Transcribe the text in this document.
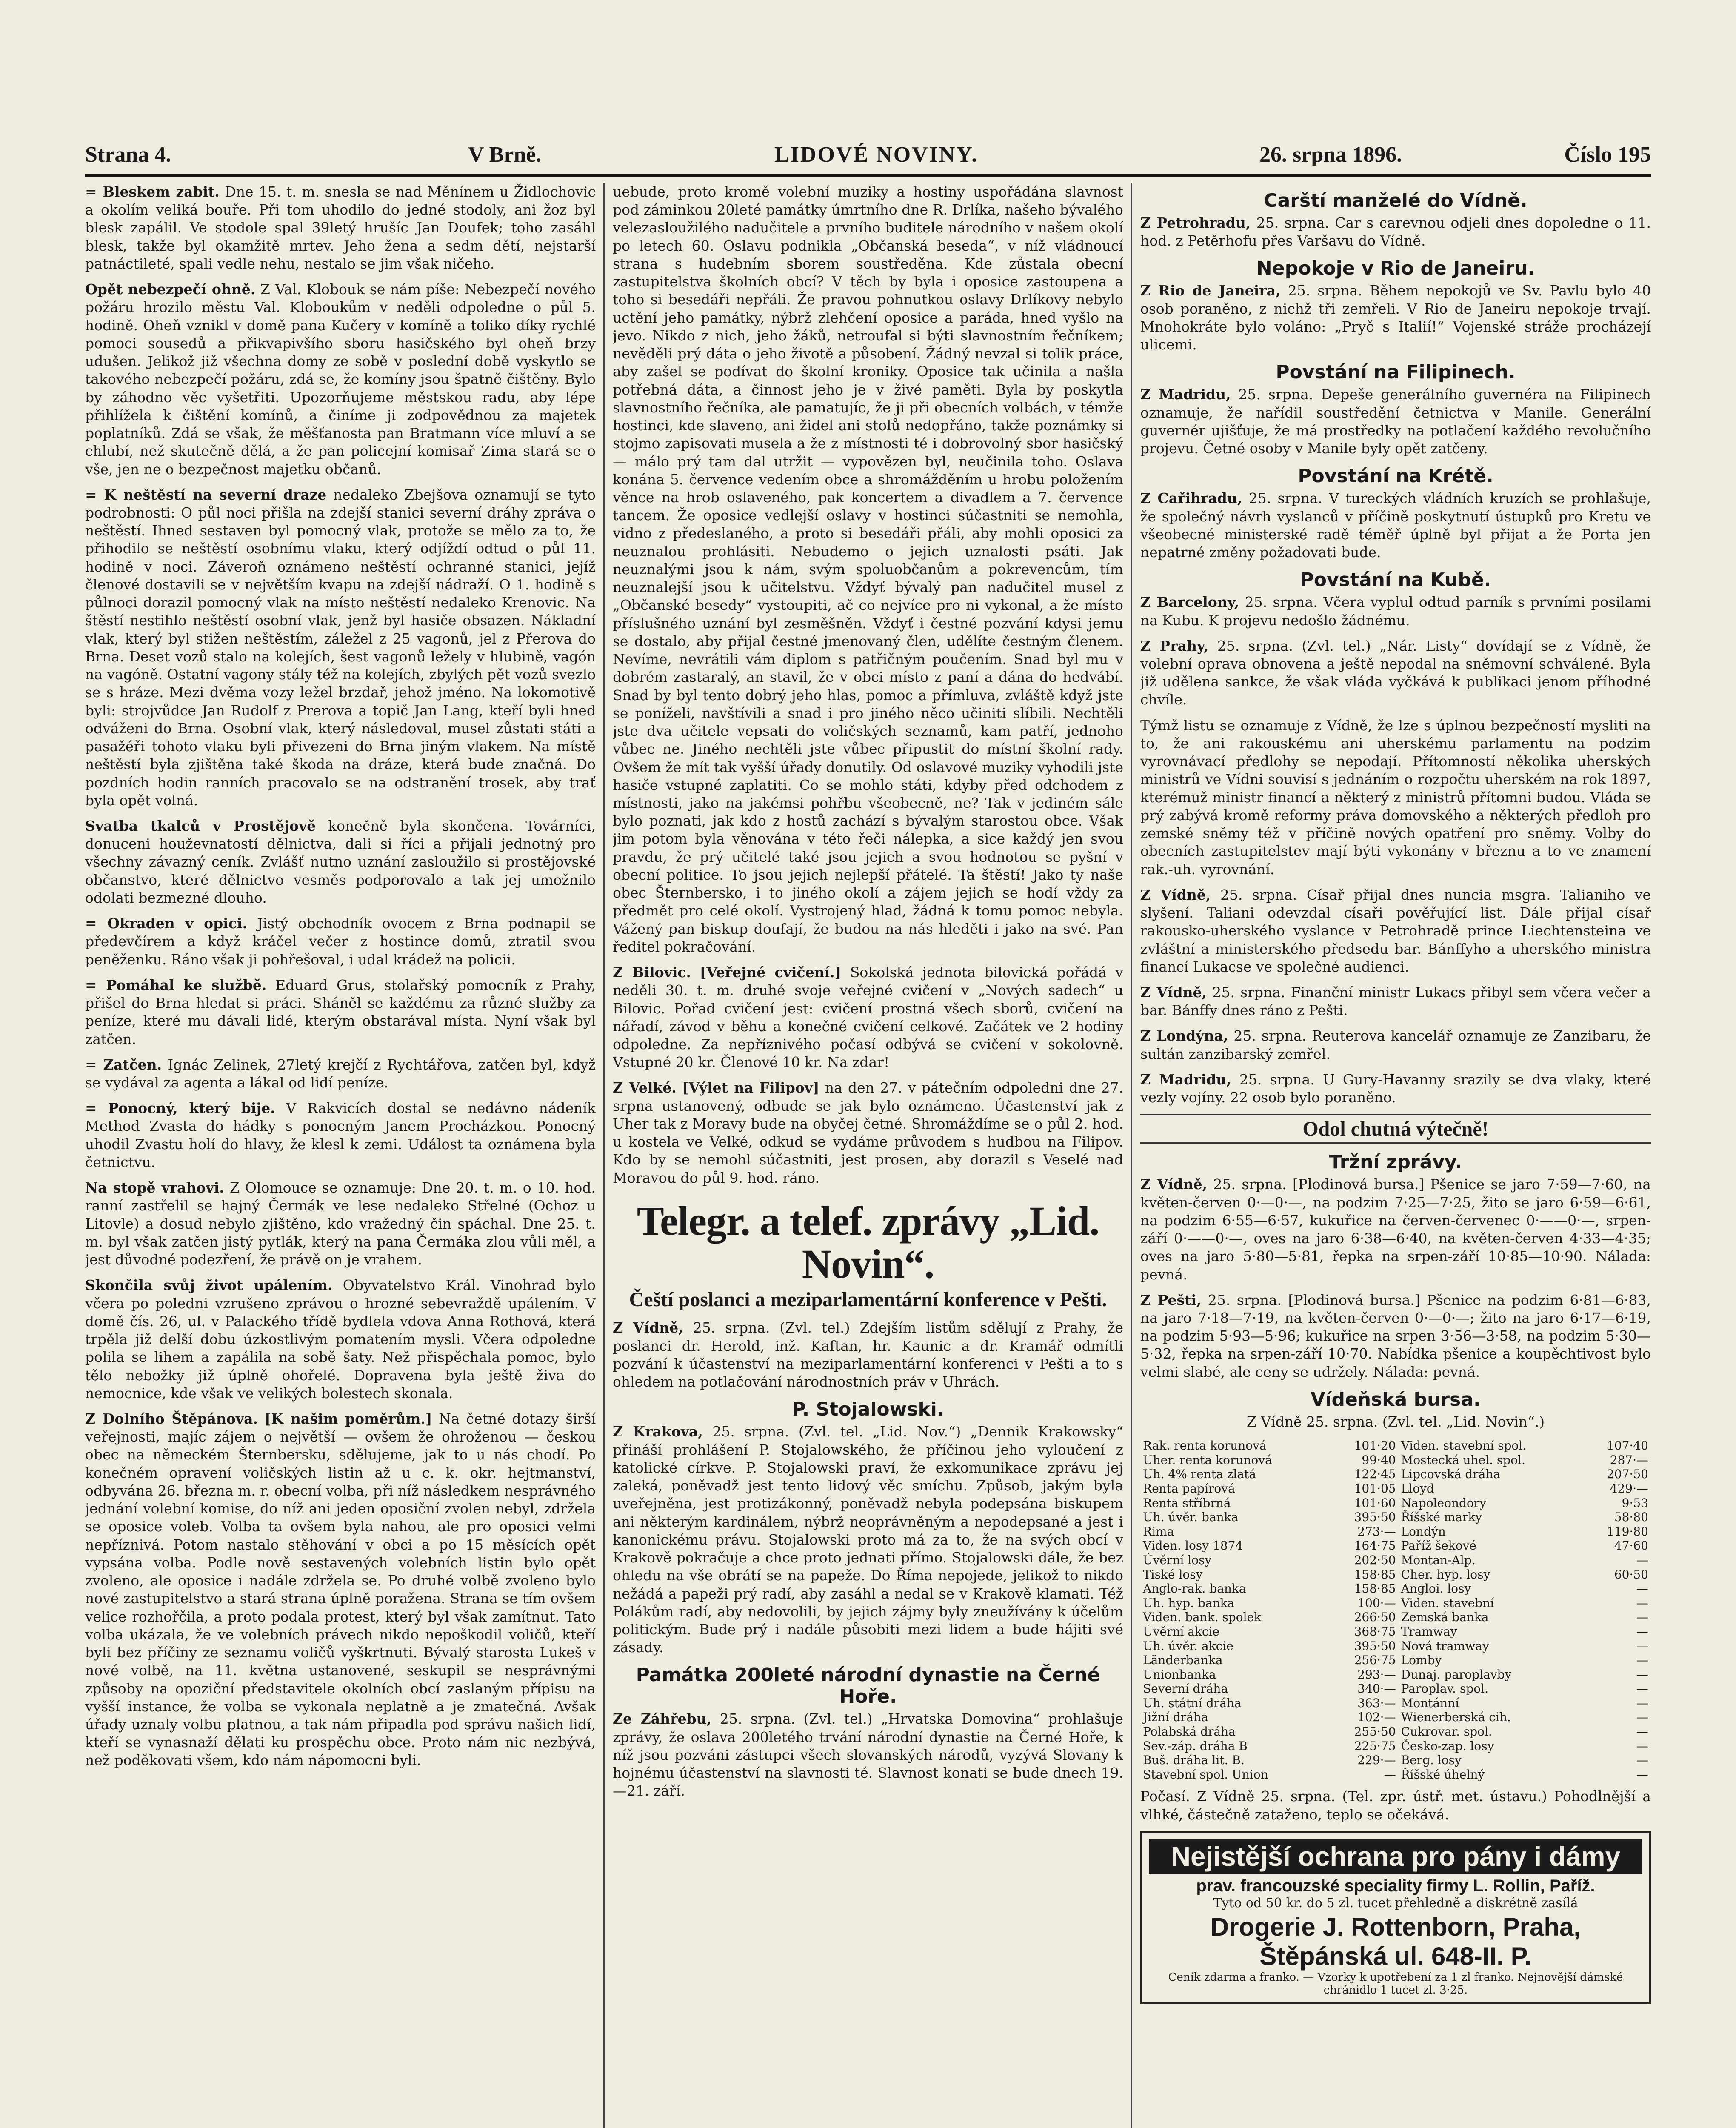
Strana 4.	V Brně.	LIDOVÉ NOVINY.	26. srpna 1896.	Číslo 195

= Bleskem zabit. Dne 15. t. m. snesla se nad Měnínem u Židlochovic a okolím veliká bouře. Při tom uhodilo do jedné stodoly, ani žoz byl blesk zapálil. Ve stodole spal 39letý hrušíc Jan Doufek; toho zasáhl blesk, takže byl okamžitě mrtev. Jeho žena a sedm dětí, nejstarší patnáctileté, spali vedle nehu, nestalo se jim však ničeho.

Opět nebezpečí ohně. Z Val. Klobouk se nám píše: Nebezpečí nového požáru hrozilo městu Val. Kloboukům v neděli odpoledne o půl 5. hodině. Oheň vznikl v domě pana Kučery v komíně a toliko díky rychlé pomoci sousedů a přikvapivšího sboru hasičského byl oheň brzy udušen. Jelikož již všechna domy ze sobě v poslední době vyskytlo se takového nebezpečí požáru, zdá se, že komíny jsou špatně čištěny. Bylo by záhodno věc vyšetřiti. Upozorňujeme městskou radu, aby lépe přihlížela k čištění komínů, a činíme ji zodpovědnou za majetek poplatníků. Zdá se však, že měšťanosta pan Bratmann více mluví a se chlubí, než skutečně dělá, a že pan policejní komisař Zima stará se o vše, jen ne o bezpečnost majetku občanů.

= K neštěstí na severní draze nedaleko Zbejšova oznamují se tyto podrobnosti: O půl noci přišla na zdejší stanici severní dráhy zpráva o neštěstí. Ihned sestaven byl pomocný vlak, protože se mělo za to, že přihodilo se neštěstí osobnímu vlaku, který odjíždí odtud o půl 11. hodině v noci. Záveroň oznámeno neštěstí ochranné stanici, jejíž členové dostavili se v největším kvapu na zdejší nádraží. O 1. hodině s půlnoci dorazil pomocný vlak na místo neštěstí nedaleko Krenovic. Na štěstí nestihlo neštěstí osobní vlak, jenž byl hasiče obsazen. Nákladní vlak, který byl stižen neštěstím, záležel z 25 vagonů, jel z Přerova do Brna. Deset vozů stalo na kolejích, šest vagonů ležely v hlubině, vagón na vagóně. Ostatní vagony stály též na kolejích, zbylých pět vozů svezlo se s hráze. Mezi dvěma vozy ležel brzdař, jehož jméno. Na lokomotivě byli: strojvůdce Jan Rudolf z Prerova a topič Jan Lang, kteří byli hned odváženi do Brna. Osobní vlak, který následoval, musel zůstati státi a pasažéři tohoto vlaku byli přivezeni do Brna jiným vlakem. Na místě neštěstí byla zjištěna také škoda na dráze, která bude značná. Do pozdních hodin ranních pracovalo se na odstranění trosek, aby trať byla opět volná.

Svatba tkalců v Prostějově konečně byla skončena. Továrníci, donuceni houževnatostí dělnictva, dali si říci a přijali jednotný pro všechny závazný ceník. Zvlášť nutno uznání zasloužilo si prostějovské občanstvo, které dělnictvo vesměs podporovalo a tak jej umožnilo odolati bezmezné dlouho.

= Okraden v opici. Jistý obchodník ovocem z Brna podnapil se předevčírem a když kráčel večer z hostince domů, ztratil svou peněženku. Ráno však ji pohřešoval, i udal krádež na policii.

= Pomáhal ke službě. Eduard Grus, stolařský pomocník z Prahy, přišel do Brna hledat si práci. Sháněl se každému za různé služby za peníze, které mu dávali lidé, kterým obstarával místa. Nyní však byl zatčen.

= Zatčen. Ignác Zelinek, 27letý krejčí z Rychtářova, zatčen byl, když se vydával za agenta a lákal od lidí peníze.

= Ponocný, který bije. V Rakvicích dostal se nedávno nádeník Method Zvasta do hádky s ponocným Janem Procházkou. Ponocný uhodil Zvastu holí do hlavy, že klesl k zemi. Událost ta oznámena byla četnictvu.

Na stopě vrahovi. Z Olomouce se oznamuje: Dne 20. t. m. o 10. hod. ranní zastřelil se hajný Čermák ve lese nedaleko Střelné (Ochoz u Litovle) a dosud nebylo zjištěno, kdo vražedný čin spáchal. Dne 25. t. m. byl však zatčen jistý pytlák, který na pana Čermáka zlou vůli měl, a jest důvodné podezření, že právě on je vrahem.

Skončila svůj život upálením. Obyvatelstvo Král. Vinohrad bylo včera po poledni vzrušeno zprávou o hrozné sebevraždě upálením. V domě čís. 26, ul. v Palackého třídě bydlela vdova Anna Rothová, která trpěla již delší dobu úzkostlivým pomatením mysli. Včera odpoledne polila se lihem a zapálila na sobě šaty. Než přispěchala pomoc, bylo tělo nebožky již úplně ohořelé. Dopravena byla ještě živa do nemocnice, kde však ve velikých bolestech skonala.

Z Dolního Štěpánova. [K našim poměrům.] Na četné dotazy širší veřejnosti, majíc zájem o největší — ovšem že ohroženou — českou obec na německém Šternbersku, sdělujeme, jak to u nás chodí. Po konečném opravení voličských listin až u c. k. okr. hejtmanství, odbyvána 26. března m. r. obecní volba, při níž následkem nesprávného jednání volební komise, do níž ani jeden oposiční zvolen nebyl, zdržela se oposice voleb. Volba ta ovšem byla nahou, ale pro oposici velmi nepříznivá. Potom nastalo stěhování v obci a po 15 měsících opět vypsána volba. Podle nově sestavených volebních listin bylo opět zvoleno, ale oposice i nadále zdržela se. Po druhé volbě zvoleno bylo nové zastupitelstvo a stará strana úplně poražena. Strana se tím ovšem velice rozhořčila, a proto podala protest, který byl však zamítnut. Tato volba ukázala, že ve volebních právech nikdo nepoškodil voličů, kteří byli bez příčiny ze seznamu voličů vyškrtnuti. Bývalý starosta Lukeš v nové volbě, na 11. května ustanovené, seskupil se nesprávnými způsoby na opoziční představitele okolních obcí zaslaným přípisu na vyšší instance, že volba se vykonala neplatně a je zmatečná. Avšak úřady uznaly volbu platnou, a tak nám připadla pod správu našich lidí, kteří se vynasnaží dělati ku prospěchu obce. Proto nám nic nezbývá, než poděkovati všem, kdo nám nápomocni byli.

uebude, proto kromě volební muziky a hostiny uspořádána slavnost pod záminkou 20leté památky úmrtního dne R. Drlíka, našeho bývalého velezasloužilého nadučitele a prvního buditele národního v našem okolí po letech 60. Oslavu podnikla „Občanská beseda“, v níž vládnoucí strana s hudebním sborem soustředěna. Kde zůstala obecní zastupitelstva školních obcí? V těch by byla i oposice zastoupena a toho si besedáři nepřáli. Že pravou pohnutkou oslavy Drlíkovy nebylo uctění jeho památky, nýbrž zlehčení oposice a paráda, hned vyšlo na jevo. Nikdo z nich, jeho žáků, netroufal si býti slavnostním řečníkem; nevěděli prý dáta o jeho životě a působení. Žádný nevzal si tolik práce, aby zašel se podívat do školní kroniky. Oposice tak učinila a našla potřebná dáta, a činnost jeho je v živé paměti. Byla by poskytla slavnostního řečníka, ale pamatujíc, že ji při obecních volbách, v témže hostinci, kde slaveno, ani židel ani stolů nedopřáno, takže poznámky si stojmo zapisovati musela a že z místnosti té i dobrovolný sbor hasičský — málo prý tam dal utržit — vypovězen byl, neučinila toho. Oslava konána 5. července vedením obce a shromážděním u hrobu položením věnce na hrob oslaveného, pak koncertem a divadlem a 7. července tancem. Že oposice vedlejší oslavy v hostinci súčastniti se nemohla, vidno z předeslaného, a proto si besedáři přáli, aby mohli oposici za neuznalou prohlásiti. Nebudemo o jejich uznalosti psáti. Jak neuznalými jsou k nám, svým spoluobčanům a pokrevencům, tím neuznalejší jsou k učitelstvu. Vždyť bývalý pan nadučitel musel z „Občanské besedy“ vystoupiti, ač co nejvíce pro ni vykonal, a že místo příslušného uznání byl zesměšněn. Vždyť i čestné pozvání kdysi jemu se dostalo, aby přijal čestné jmenovaný člen, udělíte čestným členem. Nevíme, nevrátili vám diplom s patřičným poučením. Snad byl mu v dobrém zastaralý, an stavil, že v obci místo z paní a dána do hedvábí. Snad by byl tento dobrý jeho hlas, pomoc a přímluva, zvláště když jste se poníželi, navštívili a snad i pro jiného něco učiniti slíbili. Nechtěli jste dva učitele vepsati do voličských seznamů, kam patří, jednoho vůbec ne. Jiného nechtěli jste vůbec připustit do místní školní rady. Ovšem že mít tak vyšší úřady donutily. Od oslavové muziky vyhodili jste hasiče vstupné zaplatiti. Co se mohlo státi, kdyby před odchodem z místnosti, jako na jakémsi pohřbu všeobecně, ne? Tak v jediném sále bylo poznati, jak kdo z hostů zachází s bývalým starostou obce. Však jim potom byla věnována v této řeči nálepka, a sice každý jen svou pravdu, že prý učitelé také jsou jejich a svou hodnotou se pyšní v obecní politice. To jsou jejich nejlepší přátelé. Ta štěstí! Jako ty naše obec Šternbersko, i to jiného okolí a zájem jejich se hodí vždy za předmět pro celé okolí. Vystrojený hlad, žádná k tomu pomoc nebyla. Vážený pan biskup doufají, že budou na nás hleděti i jako na své. Pan ředitel pokračování.

Z Bilovic. [Veřejné cvičení.] Sokolská jednota bilovická pořádá v neděli 30. t. m. druhé svoje veřejné cvičení v „Nových sadech“ u Bilovic. Pořad cvičení jest: cvičení prostná všech sborů, cvičení na nářadí, závod v běhu a konečné cvičení celkové. Začátek ve 2 hodiny odpoledne. Za nepříznivého počasí odbývá se cvičení v sokolovně. Vstupné 20 kr. Členové 10 kr. Na zdar!

Z Velké. [Výlet na Filipov] na den 27. v pátečním odpoledni dne 27. srpna ustanovený, odbude se jak bylo oznámeno. Účastenství jak z Uher tak z Moravy bude na obyčej četné. Shromáždíme se o půl 2. hod. u kostela ve Velké, odkud se vydáme průvodem s hudbou na Filipov. Kdo by se nemohl súčastniti, jest prosen, aby dorazil s Veselé nad Moravou do půl 9. hod. ráno.

Telegr. a telef. zprávy „Lid. Novin“.
Čeští poslanci a meziparlamentární konference v Pešti.

Z Vídně, 25. srpna. (Zvl. tel.) Zdejším listům sdělují z Prahy, že poslanci dr. Herold, inž. Kaftan, hr. Kaunic a dr. Kramář odmítli pozvání k účastenství na meziparlamentární konferenci v Pešti a to s ohledem na potlačování národnostních práv v Uhrách.

P. Stojalowski.

Z Krakova, 25. srpna. (Zvl. tel. „Lid. Nov.“) „Dennik Krakowsky“ přináší prohlášení P. Stojalowského, že příčinou jeho vyloučení z katolické církve. P. Stojalowski praví, že exkomunikace zprávu jej zaleká, poněvadž jest tento lidový věc smíchu. Způsob, jakým byla uveřejněna, jest protizákonný, poněvadž nebyla podepsána biskupem ani některým kardinálem, nýbrž neoprávněným a nepodepsané a jest i kanonickému právu. Stojalowski proto má za to, že na svých obcí v Krakově pokračuje a chce proto jednati přímo. Stojalowski dále, že bez ohledu na vše obrátí se na papeže. Do Říma nepojede, jelikož to nikdo nežádá a papeži prý radí, aby zasáhl a nedal se v Krakově klamati. Též Polákům radí, aby nedovolili, by jejich zájmy byly zneužívány k účelům politickým. Bude prý i nadále působiti mezi lidem a bude hájiti své zásady.

Památka 200leté národní dynastie na Černé Hoře.

Ze Záhřebu, 25. srpna. (Zvl. tel.) „Hrvatska Domovina“ prohlašuje zprávy, že oslava 200letého trvání národní dynastie na Černé Hoře, k níž jsou pozváni zástupci všech slovanských národů, vyzývá Slovany k hojnému účastenství na slavnosti té. Slavnost konati se bude dnech 19.—21. září.

Carští manželé do Vídně.

Z Petrohradu, 25. srpna. Car s carevnou odjeli dnes dopoledne o 11. hod. z Petěrhofu přes Varšavu do Vídně.

Nepokoje v Rio de Janeiru.

Z Rio de Janeira, 25. srpna. Během nepokojů ve Sv. Pavlu bylo 40 osob poraněno, z nichž tři zemřeli. V Rio de Janeiru nepokoje trvají. Mnohokráte bylo voláno: „Pryč s Italií!“ Vojenské stráže procházejí ulicemi.

Povstání na Filipinech.

Z Madridu, 25. srpna. Depeše generálního guvernéra na Filipinech oznamuje, že nařídil soustředění četnictva v Manile. Generální guvernér ujišťuje, že má prostředky na potlačení každého revolučního projevu. Četné osoby v Manile byly opět zatčeny.

Povstání na Krétě.

Z Cařihradu, 25. srpna. V tureckých vládních kruzích se prohlašuje, že společný návrh vyslanců v příčině poskytnutí ústupků pro Kretu ve všeobecné ministerské radě téměř úplně byl přijat a že Porta jen nepatrné změny požadovati bude.

Povstání na Kubě.

Z Barcelony, 25. srpna. Včera vyplul odtud parník s prvními posilami na Kubu. K projevu nedošlo žádnému.

Z Prahy, 25. srpna. (Zvl. tel.) „Nár. Listy“ dovídají se z Vídně, že volební oprava obnovena a ještě nepodal na sněmovní schválené. Byla již udělena sankce, že však vláda vyčkává k publikaci jenom příhodné chvíle.

Týmž listu se oznamuje z Vídně, že lze s úplnou bezpečností mysliti na to, že ani rakouskému ani uherskému parlamentu na podzim vyrovnávací předlohy se nepodají. Přítomností několika uherských ministrů ve Vídni souvisí s jednáním o rozpočtu uherském na rok 1897, kterémuž ministr financí a některý z ministrů přítomni budou. Vláda se prý zabývá kromě reformy práva domovského a některých předloh pro zemské sněmy též v příčině nových opatření pro sněmy. Volby do obecních zastupitelstev mají býti vykonány v březnu a to ve znamení rak.-uh. vyrovnání.

Z Vídně, 25. srpna. Císař přijal dnes nuncia msgra. Talianiho ve slyšení. Taliani odevzdal císaři pověřující list. Dále přijal císař rakousko-uherského vyslance v Petrohradě prince Liechtensteina ve zvláštní a ministerského předsedu bar. Bánffyho a uherského ministra financí Lukacse ve společné audienci.

Z Vídně, 25. srpna. Finanční ministr Lukacs přibyl sem včera večer a bar. Bánffy dnes ráno z Pešti.

Z Londýna, 25. srpna. Reuterova kancelář oznamuje ze Zanzibaru, že sultán zanzibarský zemřel.

Z Madridu, 25. srpna. U Gury-Havanny srazily se dva vlaky, které vezly vojíny. 22 osob bylo poraněno.

Odol chutná výtečně!
Tržní zprávy.

Z Vídně, 25. srpna. [Plodinová bursa.] Pšenice se jaro 7·59—7·60, na květen-červen 0·—0·—, na podzim 7·25—7·25, žito se jaro 6·59—6·61, na podzim 6·55—6·57, kukuřice na červen-červenec 0·——0·—, srpen-září 0·——0·—, oves na jaro 6·38—6·40, na květen-červen 4·33—4·35; oves na jaro 5·80—5·81, řepka na srpen-září 10·85—10·90. Nálada: pevná.

Z Pešti, 25. srpna. [Plodinová bursa.] Pšenice na podzim 6·81—6·83, na jaro 7·18—7·19, na květen-červen 0·—0·—; žito na jaro 6·17—6·19, na podzim 5·93—5·96; kukuřice na srpen 3·56—3·58, na podzim 5·30—5·32, řepka na srpen-září 10·70. Nabídka pšenice a koupěchtivost bylo velmi slabé, ale ceny se udržely. Nálada: pevná.

Vídeňská bursa.
Z Vídně 25. srpna. (Zvl. tel. „Lid. Novin“.)
Rak. renta korunová	101·20	Viden. stavební spol.	107·40
Uher. renta korunová	99·40	Mostecká uhel. spol.	287·—
Uh. 4% renta zlatá	122·45	Lipcovská dráha	207·50
Renta papírová	101·05	Lloyd	429·—
Renta stříbrná	101·60	Napoleondory	9·53
Uh. úvěr. banka	395·50	Říšské marky	58·80
Rima	273·—	Londýn	119·80
Viden. losy 1874	164·75	Paříž šekové	47·60
Úvěrní losy	202·50	Montan-Alp.	—
Tiské losy	158·85	Cher. hyp. losy	60·50
Anglo-rak. banka	158·85	Angloi. losy	—
Uh. hyp. banka	100·—	Viden. stavební	—
Viden. bank. spolek	266·50	Zemská banka	—
Úvěrní akcie	368·75	Tramway	—
Uh. úvěr. akcie	395·50	Nová tramway	—
Länderbanka	256·75	Lomby	—
Unionbanka	293·—	Dunaj. paroplavby	—
Severní dráha	340·—	Paroplav. spol.	—
Uh. státní dráha	363·—	Montánní	—
Jižní dráha	102·—	Wienerberská cih.	—
Polabská dráha	255·50	Cukrovar. spol.	—
Sev.-záp. dráha B	225·75	Česko-zap. losy	—
Buš. dráha lit. B.	229·—	Berg. losy	—
Stavební spol. Union	—	Říšské úhelný	—
Počasí. Z Vídně 25. srpna. (Tel. zpr. ústř. met. ústavu.) Pohodlnější a vlhké, částečně zataženo, teplo se očekává.
Nejistější ochrana pro pány i dámy
prav. francouzské speciality firmy L. Rollin, Paříž.
Tyto od 50 kr. do 5 zl. tucet přehledně a diskrétně zasílá
Drogerie J. Rottenborn, Praha, Štěpánská ul. 648-II. P.
Ceník zdarma a franko. — Vzorky k upotřebení za 1 zl franko. Nejnovější dámské chránidlo 1 tucet zl. 3·25.
